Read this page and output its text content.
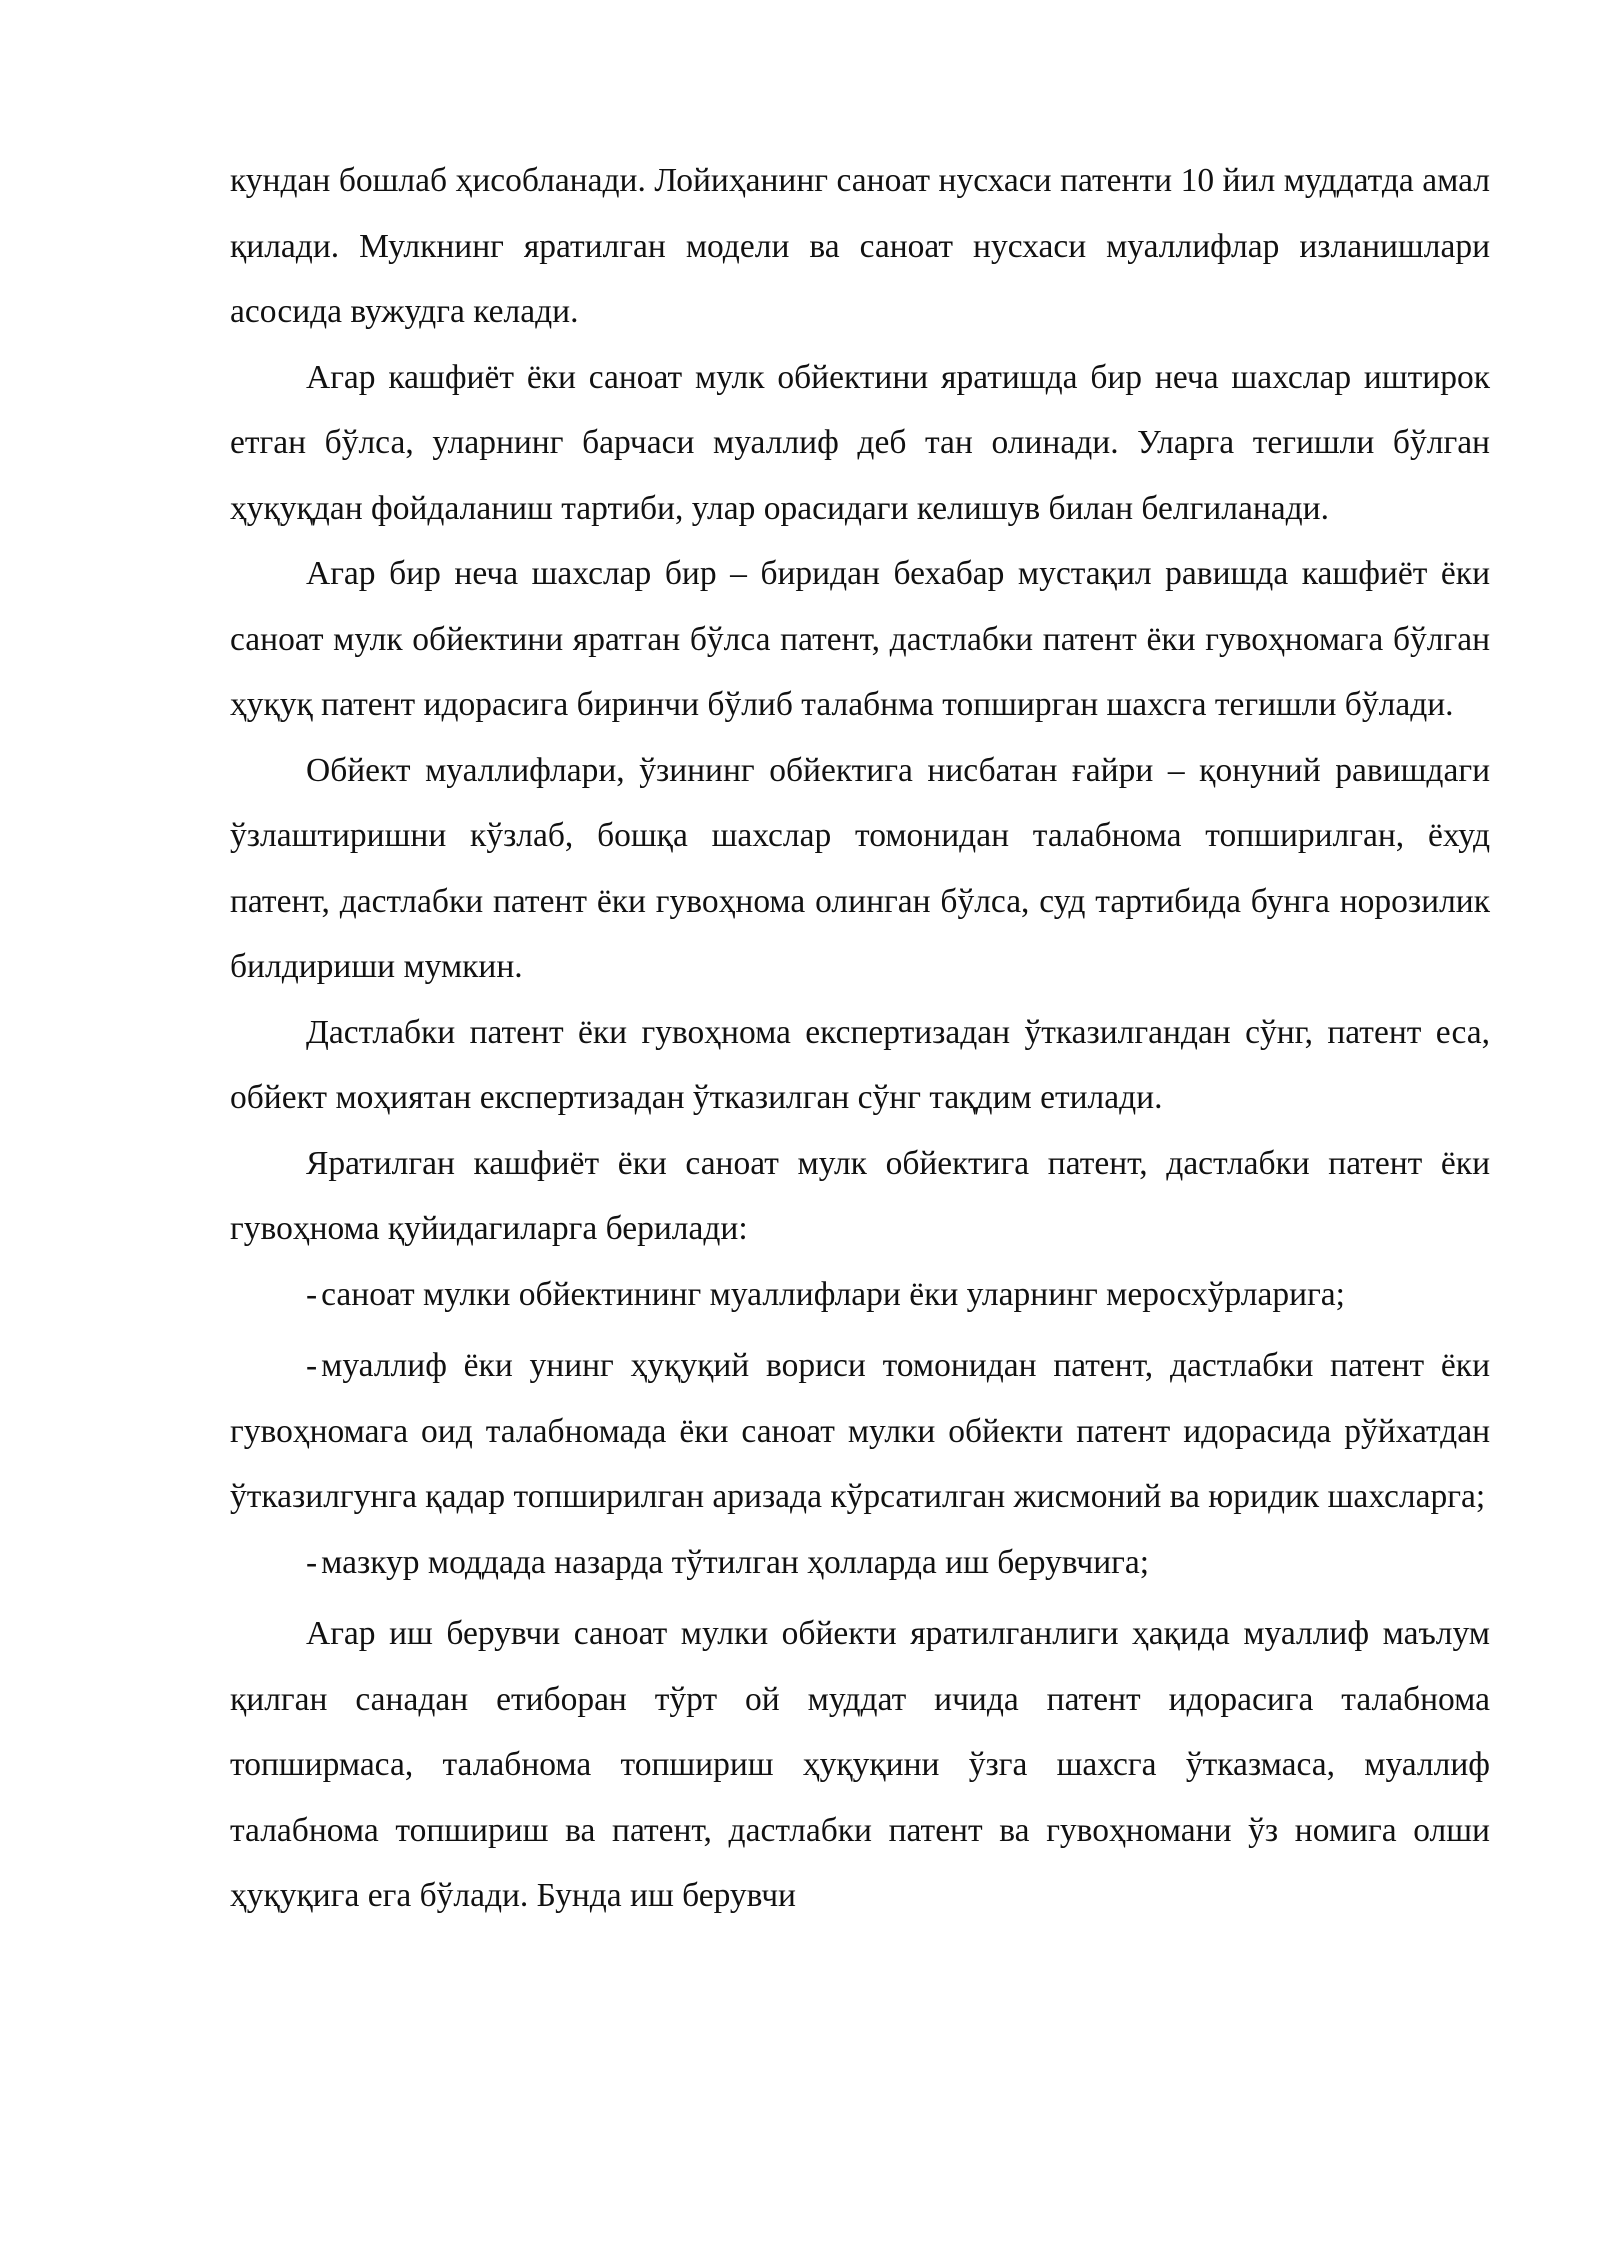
кундан бошлаб ҳисобланади. Лойиҳанинг саноат нусхаси патенти 10 йил муддатда амал қилади. Мулкнинг яратилган модели ва саноат нусхаси муаллифлар изланишлари асосида вужудга келади.

Агар кашфиёт ёки саноат мулк обйектини яратишда бир неча шахслар иштирок етган бўлса, уларнинг барчаси муаллиф деб тан олинади. Уларга тегишли бўлган ҳуқуқдан фойдаланиш тартиби, улар орасидаги келишув билан белгиланади.

Агар бир неча шахслар бир – биридан бехабар мустақил равишда кашфиёт ёки саноат мулк обйектини яратган бўлса патент, дастлабки патент ёки гувоҳномага бўлган ҳуқуқ патент идорасига биринчи бўлиб талабнма топширган шахсга тегишли бўлади.

Обйект муаллифлари, ўзининг обйектига нисбатан ғайри – қонуний равишдаги ўзлаштиришни кўзлаб, бошқа шахслар томонидан талабнома топширилган, ёхуд патент, дастлабки патент ёки гувоҳнома олинган бўлса, суд тартибида бунга норозилик билдириши мумкин.

Дастлабки патент ёки гувоҳнома експертизадан ўтказилгандан сўнг, патент еса, обйект моҳиятан експертизадан ўтказилган сўнг тақдим етилади.

Яратилган кашфиёт ёки саноат мулк обйектига патент, дастлабки патент ёки гувоҳнома қуйидагиларга берилади:

- саноат мулки обйектининг муаллифлари ёки уларнинг меросхўрларига;

- муаллиф ёки унинг ҳуқуқий вориси томонидан патент, дастлабки патент ёки гувоҳномага оид талабномада ёки саноат мулки обйекти патент идорасида рўйхатдан ўтказилгунга қадар топширилган аризада кўрсатилган жисмоний ва юридик шахсларга;

- мазкур моддада назарда тўтилган ҳолларда иш берувчига;

Агар иш берувчи саноат мулки обйекти яратилганлиги ҳақида муаллиф маълум қилган санадан етиборан тўрт ой муддат ичида патент идорасига талабнома топширмаса, талабнома топшириш ҳуқуқини ўзга шахсга ўтказмаса, муаллиф талабнома топшириш ва патент, дастлабки патент ва гувоҳномани ўз номига олши ҳуқуқига ега бўлади. Бунда иш берувчи
